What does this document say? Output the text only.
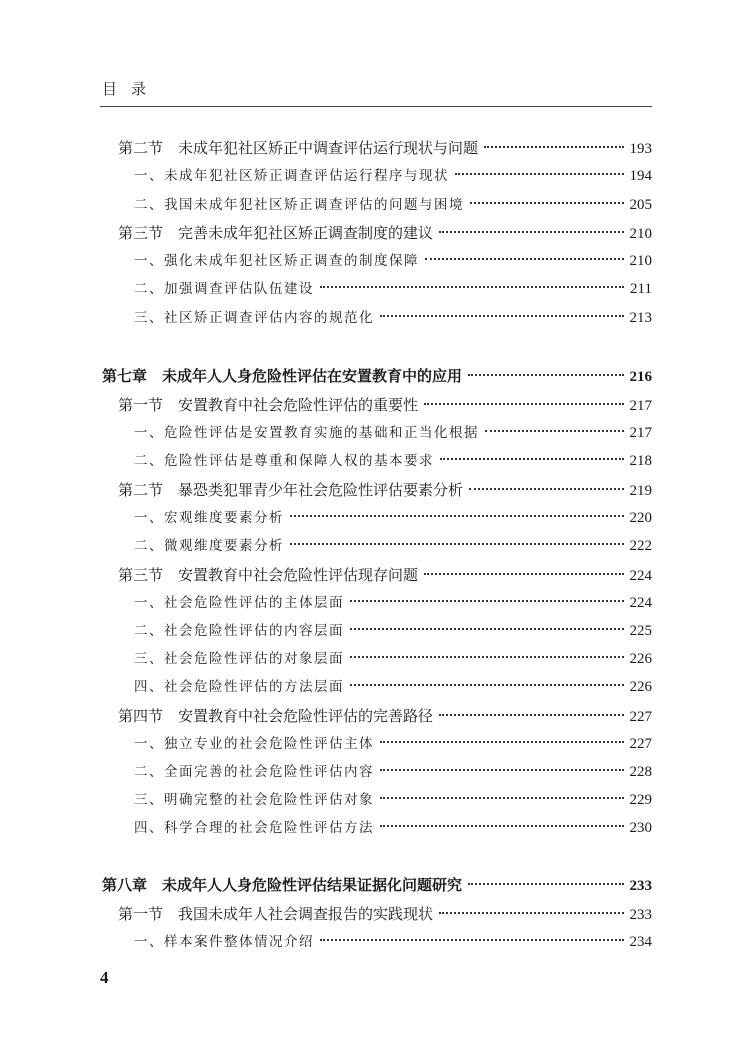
目录
第二节　未成年犯社区矫正中调查评估运行现状与问题	193
一、未成年犯社区矫正调查评估运行程序与现状	194
二、我国未成年犯社区矫正调查评估的问题与困境	205
第三节　完善未成年犯社区矫正调查制度的建议	210
一、强化未成年犯社区矫正调查的制度保障	210
二、加强调查评估队伍建设	211
三、社区矫正调查评估内容的规范化	213
第七章　未成年人人身危险性评估在安置教育中的应用	216
第一节　安置教育中社会危险性评估的重要性	217
一、危险性评估是安置教育实施的基础和正当化根据	217
二、危险性评估是尊重和保障人权的基本要求	218
第二节　暴恐类犯罪青少年社会危险性评估要素分析	219
一、宏观维度要素分析	220
二、微观维度要素分析	222
第三节　安置教育中社会危险性评估现存问题	224
一、社会危险性评估的主体层面	224
二、社会危险性评估的内容层面	225
三、社会危险性评估的对象层面	226
四、社会危险性评估的方法层面	226
第四节　安置教育中社会危险性评估的完善路径	227
一、独立专业的社会危险性评估主体	227
二、全面完善的社会危险性评估内容	228
三、明确完整的社会危险性评估对象	229
四、科学合理的社会危险性评估方法	230
第八章　未成年人人身危险性评估结果证据化问题研究	233
第一节　我国未成年人社会调查报告的实践现状	233
一、样本案件整体情况介绍	234
4
